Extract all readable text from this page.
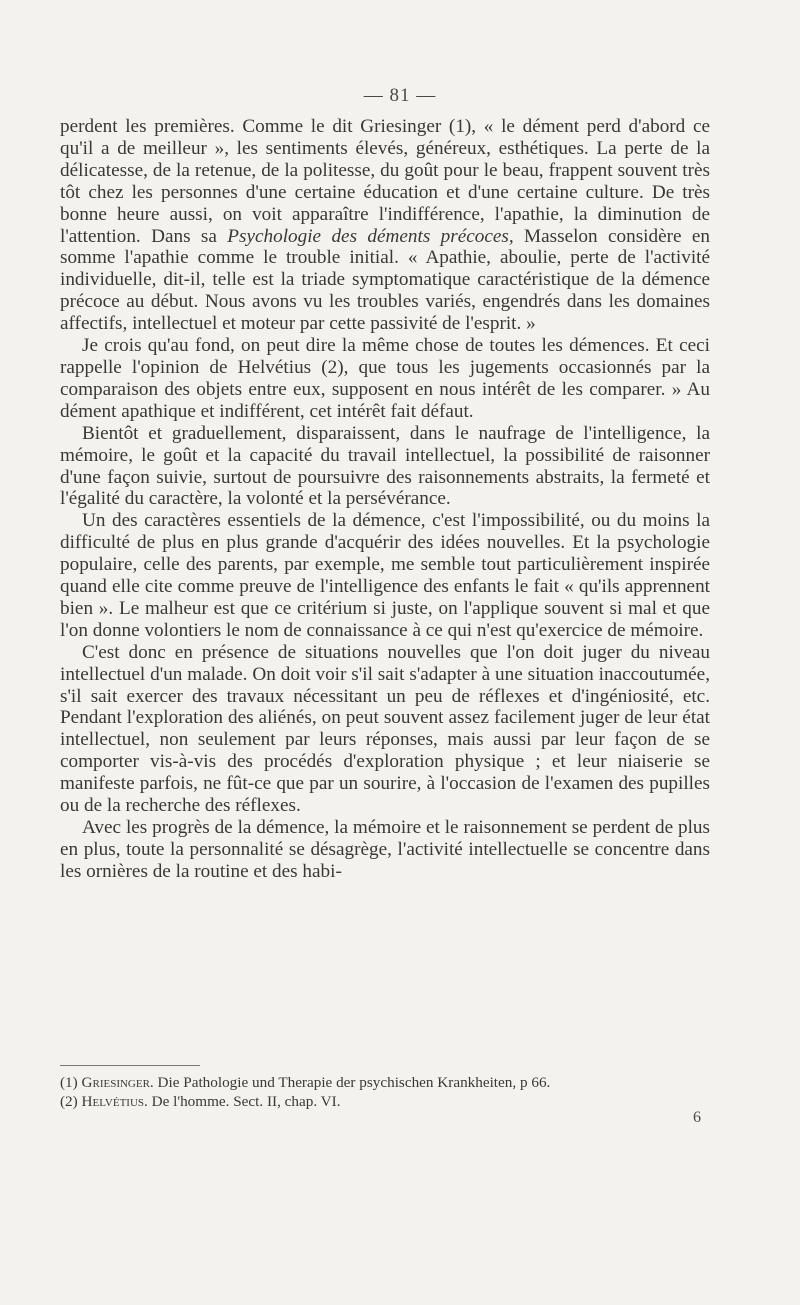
— 81 —

perdent les premières. Comme le dit Griesinger (1), « le dément perd d'abord ce qu'il a de meilleur », les sentiments élevés, généreux, esthétiques. La perte de la délicatesse, de la retenue, de la politesse, du goût pour le beau, frappent souvent très tôt chez les personnes d'une certaine éducation et d'une certaine culture. De très bonne heure aussi, on voit apparaître l'indifférence, l'apathie, la diminution de l'attention. Dans sa Psychologie des déments précoces, Masselon considère en somme l'apathie comme le trouble initial. « Apathie, aboulie, perte de l'activité individuelle, dit-il, telle est la triade symptomatique caractéristique de la démence précoce au début. Nous avons vu les troubles variés, engendrés dans les domaines affectifs, intellectuel et moteur par cette passivité de l'esprit. »

Je crois qu'au fond, on peut dire la même chose de toutes les démences. Et ceci rappelle l'opinion de Helvétius (2), que tous les jugements occasionnés par la comparaison des objets entre eux, supposent en nous intérêt de les comparer. » Au dément apathique et indifférent, cet intérêt fait défaut.

Bientôt et graduellement, disparaissent, dans le naufrage de l'intelligence, la mémoire, le goût et la capacité du travail intellectuel, la possibilité de raisonner d'une façon suivie, surtout de poursuivre des raisonnements abstraits, la fermeté et l'égalité du caractère, la volonté et la persévérance.

Un des caractères essentiels de la démence, c'est l'impossibilité, ou du moins la difficulté de plus en plus grande d'acquérir des idées nouvelles. Et la psychologie populaire, celle des parents, par exemple, me semble tout particulièrement inspirée quand elle cite comme preuve de l'intelligence des enfants le fait « qu'ils apprennent bien ». Le malheur est que ce critérium si juste, on l'applique souvent si mal et que l'on donne volontiers le nom de connaissance à ce qui n'est qu'exercice de mémoire.

C'est donc en présence de situations nouvelles que l'on doit juger du niveau intellectuel d'un malade. On doit voir s'il sait s'adapter à une situation inaccoutumée, s'il sait exercer des travaux nécessitant un peu de réflexes et d'ingéniosité, etc. Pendant l'exploration des aliénés, on peut souvent assez facilement juger de leur état intellectuel, non seulement par leurs réponses, mais aussi par leur façon de se comporter vis-à-vis des procédés d'exploration physique ; et leur niaiserie se manifeste parfois, ne fût-ce que par un sourire, à l'occasion de l'examen des pupilles ou de la recherche des réflexes.

Avec les progrès de la démence, la mémoire et le raisonnement se perdent de plus en plus, toute la personnalité se désagrège, l'activité intellectuelle se concentre dans les ornières de la routine et des habi-

(1) Griesinger. Die Pathologie und Therapie der psychischen Krankheiten, p 66.

(2) Helvétius. De l'homme. Sect. II, chap. VI.

6
